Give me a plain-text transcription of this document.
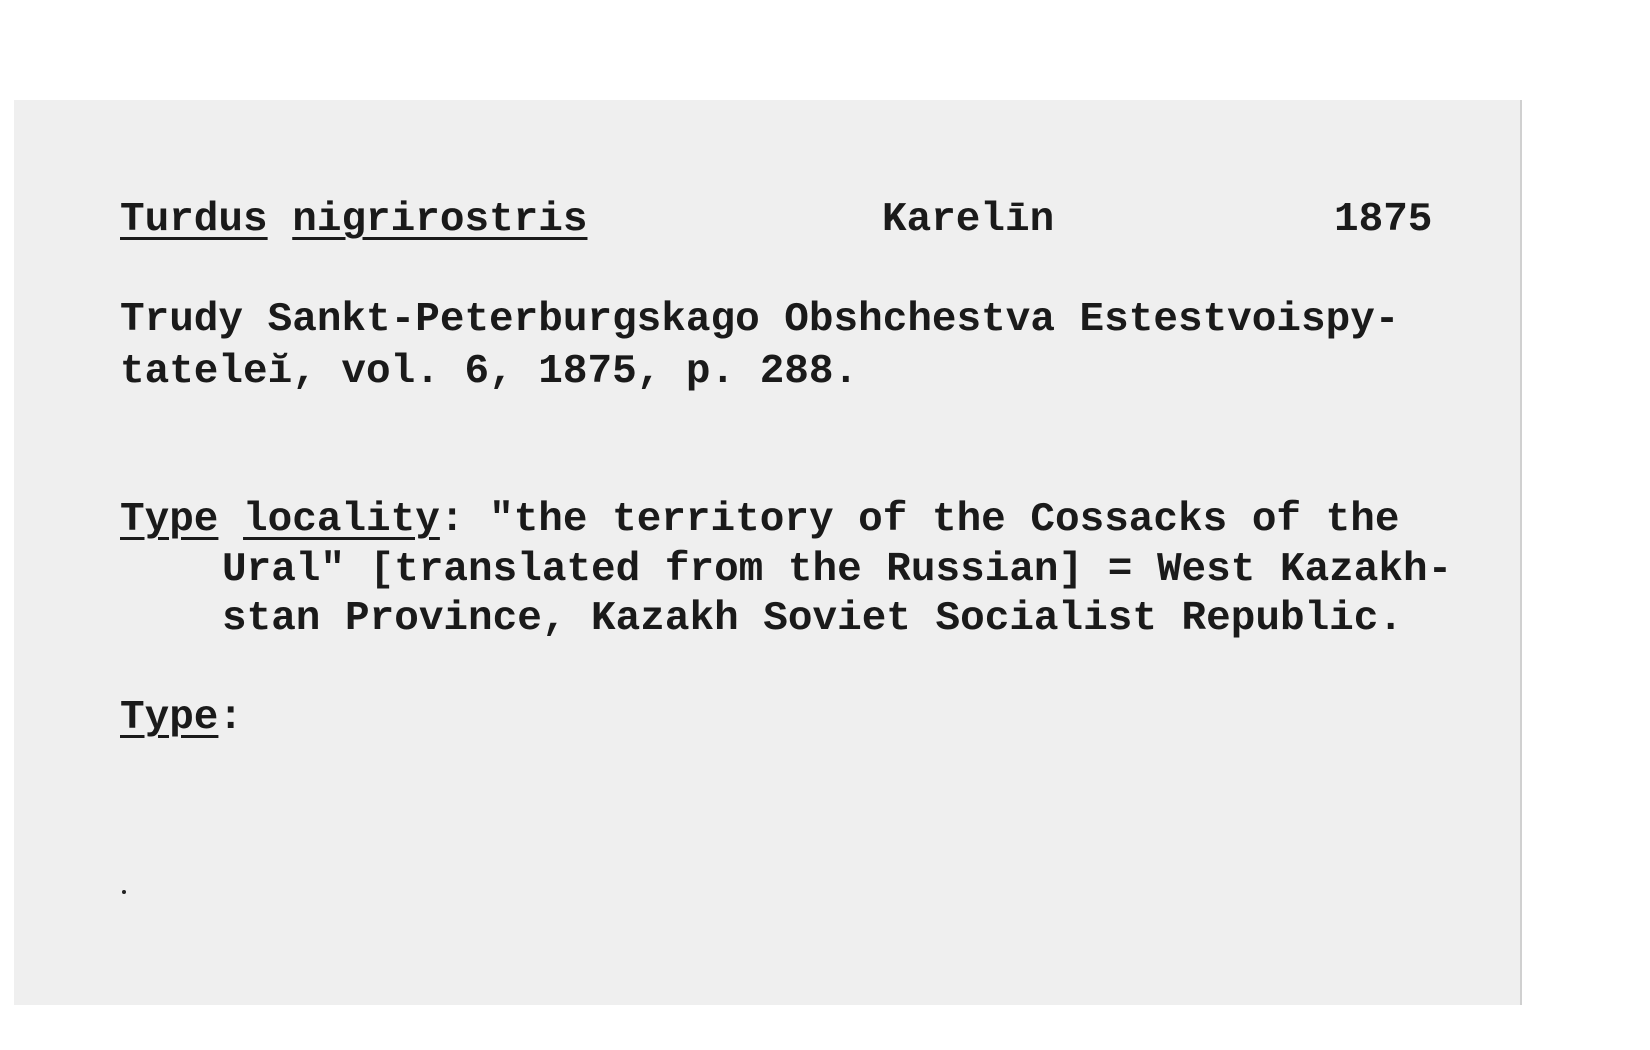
Turdus nigrirostris	Karelīn	1875
Trudy Sankt-Peterburgskago Obshchestva Estestvoispy-
tateleĭ, vol. 6, 1875, p. 288.
Type locality: "the territory of the Cossacks of the
Ural" [translated from the Russian] = West Kazakh-
stan Province, Kazakh Soviet Socialist Republic.
Type:
